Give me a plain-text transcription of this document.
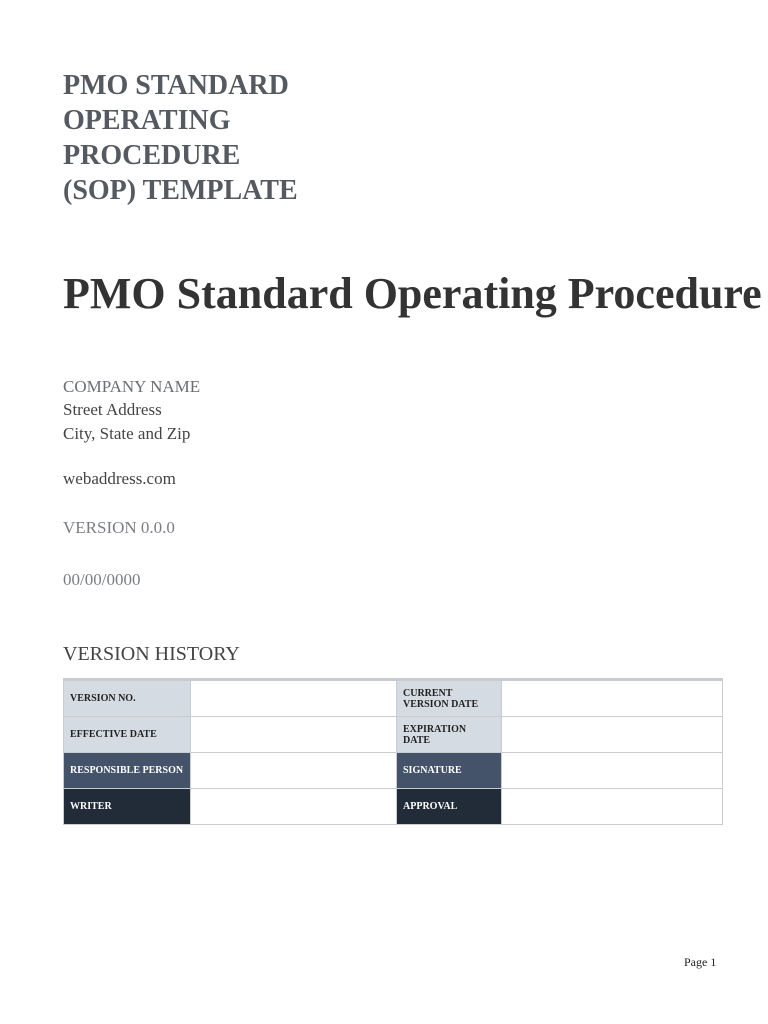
PMO STANDARD
OPERATING
PROCEDURE
(SOP) TEMPLATE
PMO Standard Operating Procedure
COMPANY NAME
Street Address
City, State and Zip
webaddress.com
VERSION 0.0.0
00/00/0000
VERSION HISTORY
VERSION NO.		CURRENT VERSION DATE	
EFFECTIVE DATE		EXPIRATION DATE	
RESPONSIBLE PERSON		SIGNATURE	
WRITER		APPROVAL	
Page 1
